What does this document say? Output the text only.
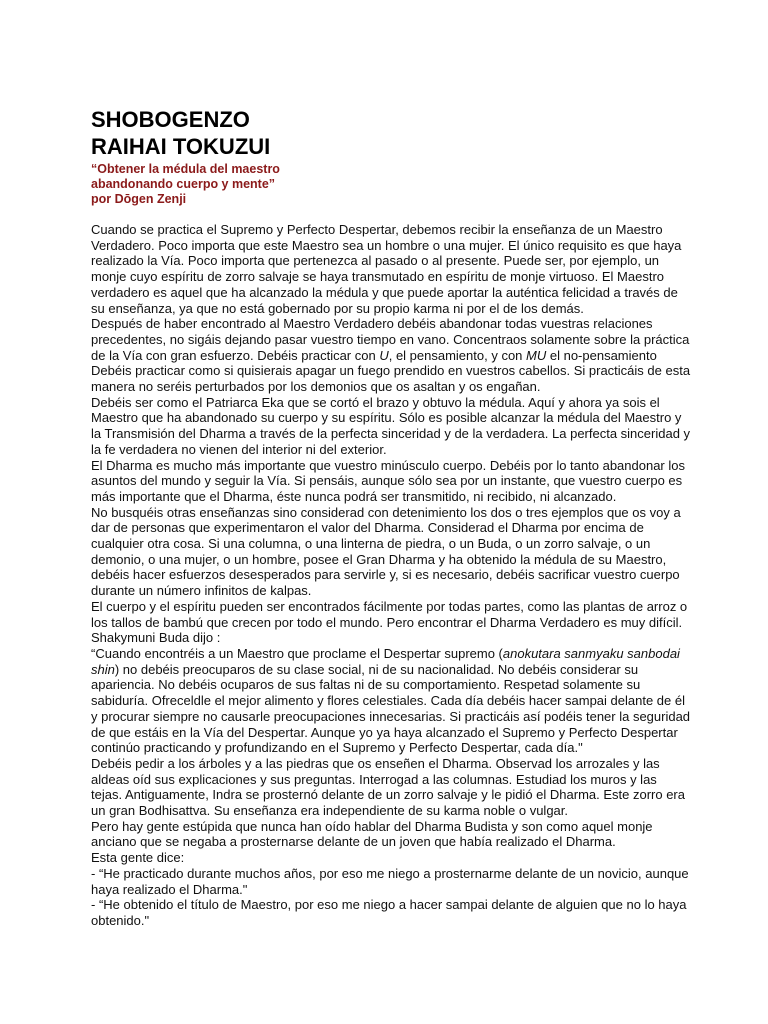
SHOBOGENZO
RAIHAI TOKUZUI
“Obtener la médula del maestro
abandonando cuerpo y mente”
por Dōgen Zenji

Cuando se practica el Supremo y Perfecto Despertar, debemos recibir la enseñanza de un Maestro Verdadero. Poco importa que este Maestro sea un hombre o una mujer. El único requisito es que haya realizado la Vía. Poco importa que pertenezca al pasado o al presente. Puede ser, por ejemplo, un monje cuyo espíritu de zorro salvaje se haya transmutado en espíritu de monje virtuoso. El Maestro verdadero es aquel que ha alcanzado la médula y que puede aportar la auténtica felicidad a través de su enseñanza, ya que no está gobernado por su propio karma ni por el de los demás.

Después de haber encontrado al Maestro Verdadero debéis abandonar todas vuestras relaciones precedentes, no sigáis dejando pasar vuestro tiempo en vano. Concentraos solamente sobre la práctica de la Vía con gran esfuerzo. Debéis practicar con U, el pensamiento, y con MU el no-pensamiento Debéis practicar como si quisierais apagar un fuego prendido en vuestros cabellos. Si practicáis de esta manera no seréis perturbados por los demonios que os asaltan y os engañan.

Debéis ser como el Patriarca Eka que se cortó el brazo y obtuvo la médula. Aquí y ahora ya sois el Maestro que ha abandonado su cuerpo y su espíritu. Sólo es posible alcanzar la médula del Maestro y la Transmisión del Dharma a través de la perfecta sinceridad y de la verdadera. La perfecta sinceridad y la fe verdadera no vienen del interior ni del exterior.

El Dharma es mucho más importante que vuestro minúsculo cuerpo. Debéis por lo tanto abandonar los asuntos del mundo y seguir la Vía. Si pensáis, aunque sólo sea por un instante, que vuestro cuerpo es más importante que el Dharma, éste nunca podrá ser transmitido, ni recibido, ni alcanzado.

No busquéis otras enseñanzas sino considerad con detenimiento los dos o tres ejemplos que os voy a dar de personas que experimentaron el valor del Dharma. Considerad el Dharma por encima de cualquier otra cosa. Si una columna, o una linterna de piedra, o un Buda, o un zorro salvaje, o un demonio, o una mujer, o un hombre, posee el Gran Dharma y ha obtenido la médula de su Maestro, debéis hacer esfuerzos desesperados para servirle y, si es necesario, debéis sacrificar vuestro cuerpo durante un número infinitos de kalpas.

El cuerpo y el espíritu pueden ser encontrados fácilmente por todas partes, como las plantas de arroz o los tallos de bambú que crecen por todo el mundo. Pero encontrar el Dharma Verdadero es muy difícil.

Shakymuni Buda dijo :

“Cuando encontréis a un Maestro que proclame el Despertar supremo (anokutara sanmyaku sanbodai shin) no debéis preocuparos de su clase social, ni de su nacionalidad. No debéis considerar su apariencia. No debéis ocuparos de sus faltas ni de su comportamiento. Respetad solamente su sabiduría. Ofreceldle el mejor alimento y flores celestiales. Cada día debéis hacer sampai delante de él y procurar siempre no causarle preocupaciones innecesarias. Si practicáis así podéis tener la seguridad de que estáis en la Vía del Despertar. Aunque yo ya haya alcanzado el Supremo y Perfecto Despertar continúo practicando y profundizando en el Supremo y Perfecto Despertar, cada día."

Debéis pedir a los árboles y a las piedras que os enseñen el Dharma. Observad los arrozales y las aldeas oíd sus explicaciones y sus preguntas. Interrogad a las columnas. Estudiad los muros y las tejas. Antiguamente, Indra se prosternó delante de un zorro salvaje y le pidió el Dharma. Este zorro era un gran Bodhisattva. Su enseñanza era independiente de su karma noble o vulgar.

Pero hay gente estúpida que nunca han oído hablar del Dharma Budista y son como aquel monje anciano que se negaba a prosternarse delante de un joven que había realizado el Dharma.

Esta gente dice:

- “He practicado durante muchos años, por eso me niego a prosternarme delante de un novicio, aunque haya realizado el Dharma."

- “He obtenido el título de Maestro, por eso me niego a hacer sampai delante de alguien que no lo haya obtenido."
